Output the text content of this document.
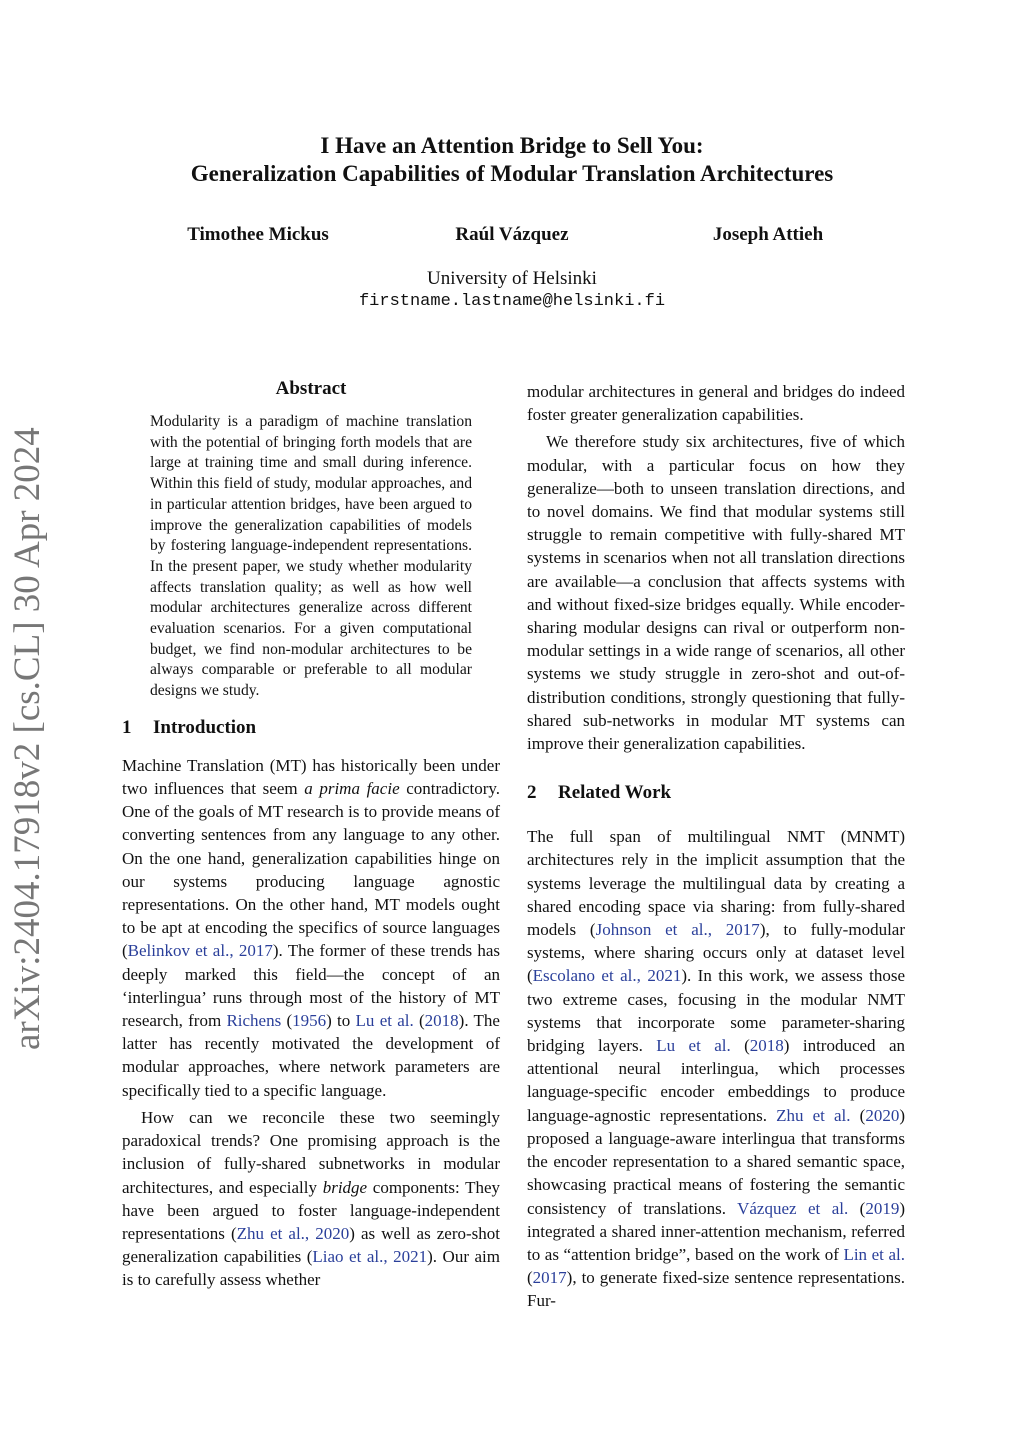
I Have an Attention Bridge to Sell You:
Generalization Capabilities of Modular Translation Architectures
Timothee Mickus	Raúl Vázquez	Joseph Attieh
University of Helsinki
firstname.lastname@helsinki.fi
arXiv:2404.17918v2 [cs.CL] 30 Apr 2024
Abstract

Modularity is a paradigm of machine translation with the potential of bringing forth models that are large at training time and small during inference. Within this field of study, modular approaches, and in particular attention bridges, have been argued to improve the generalization capabilities of models by fostering language-independent representations. In the present paper, we study whether modularity affects translation quality; as well as how well modular architectures generalize across different evaluation scenarios. For a given computational budget, we find non-modular architectures to be always comparable or preferable to all modular designs we study.

1 Introduction

Machine Translation (MT) has historically been under two influences that seem a prima facie contradictory. One of the goals of MT research is to provide means of converting sentences from any language to any other. On the one hand, generalization capabilities hinge on our systems producing language agnostic representations. On the other hand, MT models ought to be apt at encoding the specifics of source languages (Belinkov et al., 2017). The former of these trends has deeply marked this field—the concept of an ‘interlingua’ runs through most of the history of MT research, from Richens (1956) to Lu et al. (2018). The latter has recently motivated the development of modular approaches, where network parameters are specifically tied to a specific language.

How can we reconcile these two seemingly paradoxical trends? One promising approach is the inclusion of fully-shared subnetworks in modular architectures, and especially bridge components: They have been argued to foster language-independent representations (Zhu et al., 2020) as well as zero-shot generalization capabilities (Liao et al., 2021). Our aim is to carefully assess whether

modular architectures in general and bridges do indeed foster greater generalization capabilities.

We therefore study six architectures, five of which modular, with a particular focus on how they generalize—both to unseen translation directions, and to novel domains. We find that modular systems still struggle to remain competitive with fully-shared MT systems in scenarios when not all translation directions are available—a conclusion that affects systems with and without fixed-size bridges equally. While encoder-sharing modular designs can rival or outperform non-modular settings in a wide range of scenarios, all other systems we study struggle in zero-shot and out-of-distribution conditions, strongly questioning that fully-shared sub-networks in modular MT systems can improve their generalization capabilities.

2 Related Work

The full span of multilingual NMT (MNMT) architectures rely in the implicit assumption that the systems leverage the multilingual data by creating a shared encoding space via sharing: from fully-shared models (Johnson et al., 2017), to fully-modular systems, where sharing occurs only at dataset level (Escolano et al., 2021). In this work, we assess those two extreme cases, focusing in the modular NMT systems that incorporate some parameter-sharing bridging layers. Lu et al. (2018) introduced an attentional neural interlingua, which processes language-specific encoder embeddings to produce language-agnostic representations. Zhu et al. (2020) proposed a language-aware interlingua that transforms the encoder representation to a shared semantic space, showcasing practical means of fostering the semantic consistency of translations. Vázquez et al. (2019) integrated a shared inner-attention mechanism, referred to as “attention bridge”, based on the work of Lin et al. (2017), to generate fixed-size sentence representations. Fur-
